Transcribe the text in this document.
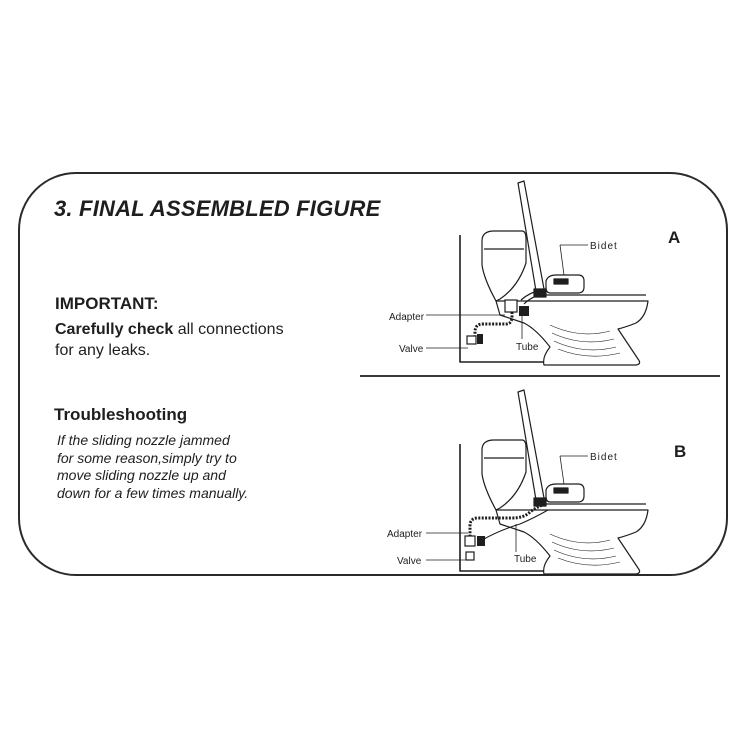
3. FINAL ASSEMBLED FIGURE
IMPORTANT:
Carefully check all connections
for any leaks.
Troubleshooting
If the sliding nozzle jammed
for some reason,simply try to
move sliding nozzle up and
down for a few times manually.
Adapter
Valve	Tube
Bidet	A
Adapter
Valve	Tube
Bidet	B
